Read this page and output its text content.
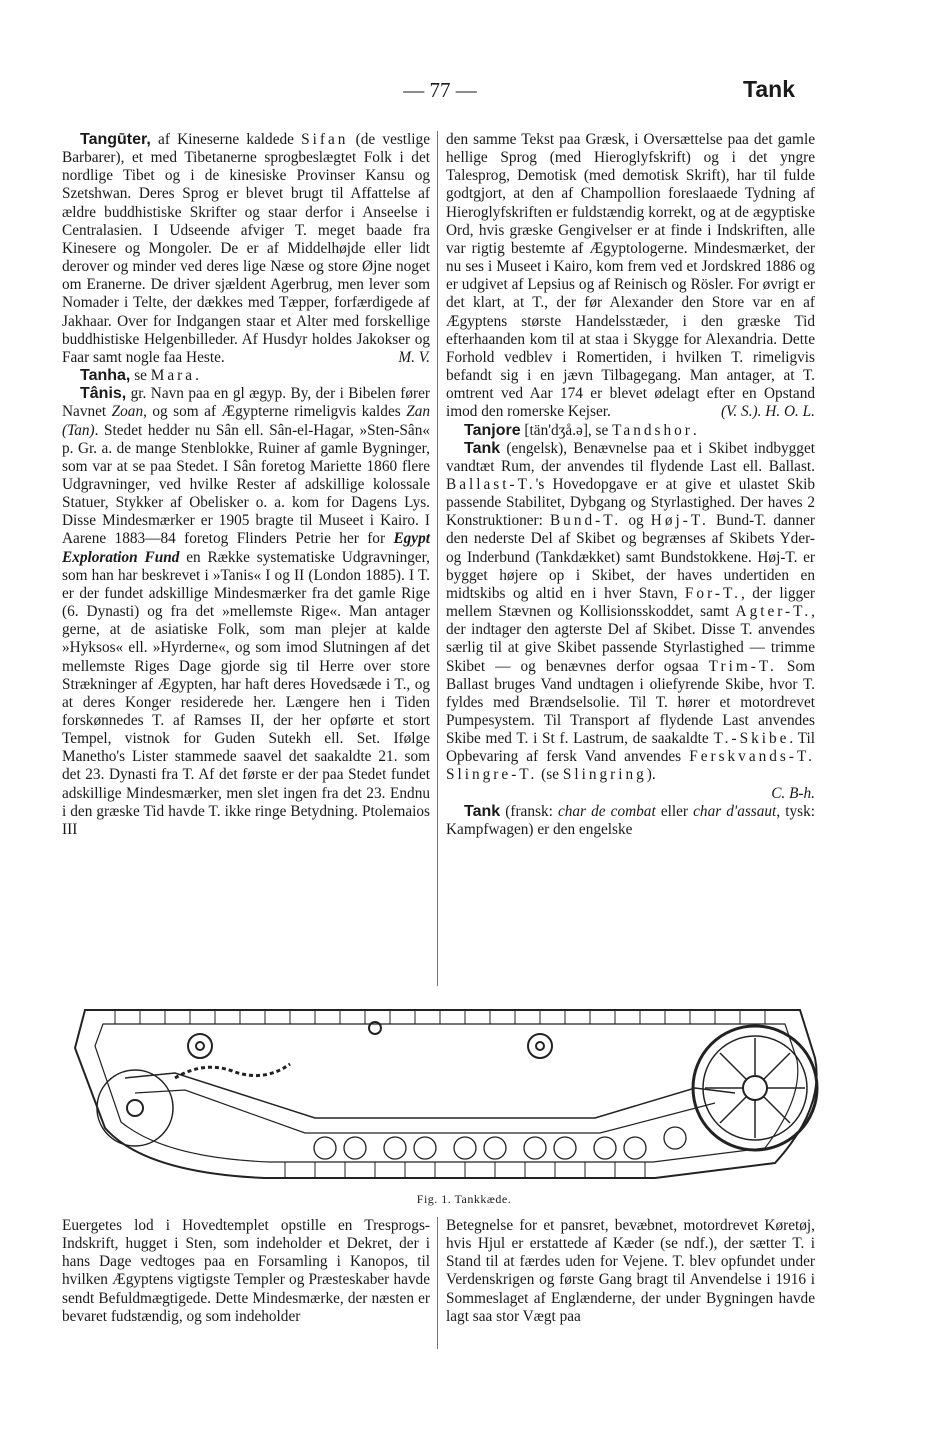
— 77 —	Tank

Tangūter, af Kineserne kaldede Sifan (de vestlige Barbarer), et med Tibetanerne sprogbeslægtet Folk i det nordlige Tibet og i de kinesiske Provinser Kansu og Szetshwan. Deres Sprog er blevet brugt til Affattelse af ældre buddhistiske Skrifter og staar derfor i Anseelse i Centralasien. I Udseende afviger T. meget baade fra Kinesere og Mongoler. De er af Middelhøjde eller lidt derover og minder ved deres lige Næse og store Øjne noget om Eranerne. De driver sjældent Agerbrug, men lever som Nomader i Telte, der dækkes med Tæpper, forfærdigede af Jakhaar. Over for Indgangen staar et Alter med forskellige buddhistiske Helgenbilleder. Af Husdyr holdes Jakokser og Faar samt nogle faa Heste.	M. V.

Tanha, se Mara.

Tânis, gr. Navn paa en gl ægyp. By, der i Bibelen fører Navnet Zoan, og som af Ægypterne rimeligvis kaldes Zan (Tan). Stedet hedder nu Sân ell. Sân-el-Hagar, »Sten-Sân« p. Gr. a. de mange Stenblokke, Ruiner af gamle Bygninger, som var at se paa Stedet. I Sân foretog Mariette 1860 flere Udgravninger, ved hvilke Rester af adskillige kolossale Statuer, Stykker af Obelisker o. a. kom for Dagens Lys. Disse Mindesmærker er 1905 bragte til Museet i Kairo. I Aarene 1883—84 foretog Flinders Petrie her for Egypt Exploration Fund en Række systematiske Udgravninger, som han har beskrevet i »Tanis« I og II (London 1885). I T. er der fundet adskillige Mindesmærker fra det gamle Rige (6. Dynasti) og fra det »mellemste Rige«. Man antager gerne, at de asiatiske Folk, som man plejer at kalde »Hyksos« ell. »Hyrderne«, og som imod Slutningen af det mellemste Riges Dage gjorde sig til Herre over store Strækninger af Ægypten, har haft deres Hovedsæde i T., og at deres Konger residerede her. Længere hen i Tiden forskønnedes T. af Ramses II, der her opførte et stort Tempel, vistnok for Guden Sutekh ell. Set. Ifølge Manetho's Lister stammede saavel det saakaldte 21. som det 23. Dynasti fra T. Af det første er der paa Stedet fundet adskillige Mindesmærker, men slet ingen fra det 23. Endnu i den græske Tid havde T. ikke ringe Betydning. Ptolemaios III

den samme Tekst paa Græsk, i Oversættelse paa det gamle hellige Sprog (med Hieroglyfskrift) og i det yngre Talesprog, Demotisk (med demotisk Skrift), har til fulde godtgjort, at den af Champollion foreslaaede Tydning af Hieroglyfskriften er fuldstændig korrekt, og at de ægyptiske Ord, hvis græske Gengivelser er at finde i Indskriften, alle var rigtig bestemte af Ægyptologerne. Mindesmærket, der nu ses i Museet i Kairo, kom frem ved et Jordskred 1886 og er udgivet af Lepsius og af Reinisch og Rösler. For øvrigt er det klart, at T., der før Alexander den Store var en af Ægyptens største Handelsstæder, i den græske Tid efterhaanden kom til at staa i Skygge for Alexandria. Dette Forhold vedblev i Romertiden, i hvilken T. rimeligvis befandt sig i en jævn Tilbagegang. Man antager, at T. omtrent ved Aar 174 er blevet ødelagt efter en Opstand imod den romerske Kejser.	(V. S.). H. O. L.

Tanjore [tän'dʒå.ə], se Tandshor.

Tank (engelsk), Benævnelse paa et i Skibet indbygget vandtæt Rum, der anvendes til flydende Last ell. Ballast. Ballast-T.'s Hovedopgave er at give et ulastet Skib passende Stabilitet, Dybgang og Styrlastighed. Der haves 2 Konstruktioner: Bund-T. og Høj-T. Bund-T. danner den nederste Del af Skibet og begrænses af Skibets Yder- og Inderbund (Tankdækket) samt Bundstokkene. Høj-T. er bygget højere op i Skibet, der haves undertiden en midtskibs og altid en i hver Stavn, For-T., der ligger mellem Stævnen og Kollisionsskoddet, samt Agter-T., der indtager den agterste Del af Skibet. Disse T. anvendes særlig til at give Skibet passende Styrlastighed — trimme Skibet — og benævnes derfor ogsaa Trim-T. Som Ballast bruges Vand undtagen i oliefyrende Skibe, hvor T. fyldes med Brændselsolie. Til T. hører et motordrevet Pumpesystem. Til Transport af flydende Last anvendes Skibe med T. i St f. Lastrum, de saakaldte T.-Skibe. Til Opbevaring af fersk Vand anvendes Ferskvands-T. Slingre-T. (se Slingring).

C. B-h.

Tank (fransk: char de combat eller char d'assaut, tysk: Kampfwagen) er den engelske

Fig. 1. Tankkæde.

Euergetes lod i Hovedtemplet opstille en Tresprogs-Indskrift, hugget i Sten, som indeholder et Dekret, der i hans Dage vedtoges paa en Forsamling i Kanopos, til hvilken Ægyptens vigtigste Templer og Præsteskaber havde sendt Befuldmægtigede. Dette Mindesmærke, der næsten er bevaret fudstændig, og som indeholder

Betegnelse for et pansret, bevæbnet, motordrevet Køretøj, hvis Hjul er erstattede af Kæder (se ndf.), der sætter T. i Stand til at færdes uden for Vejene. T. blev opfundet under Verdenskrigen og første Gang bragt til Anvendelse i 1916 i Sommeslaget af Englænderne, der under Bygningen havde lagt saa stor Vægt paa
